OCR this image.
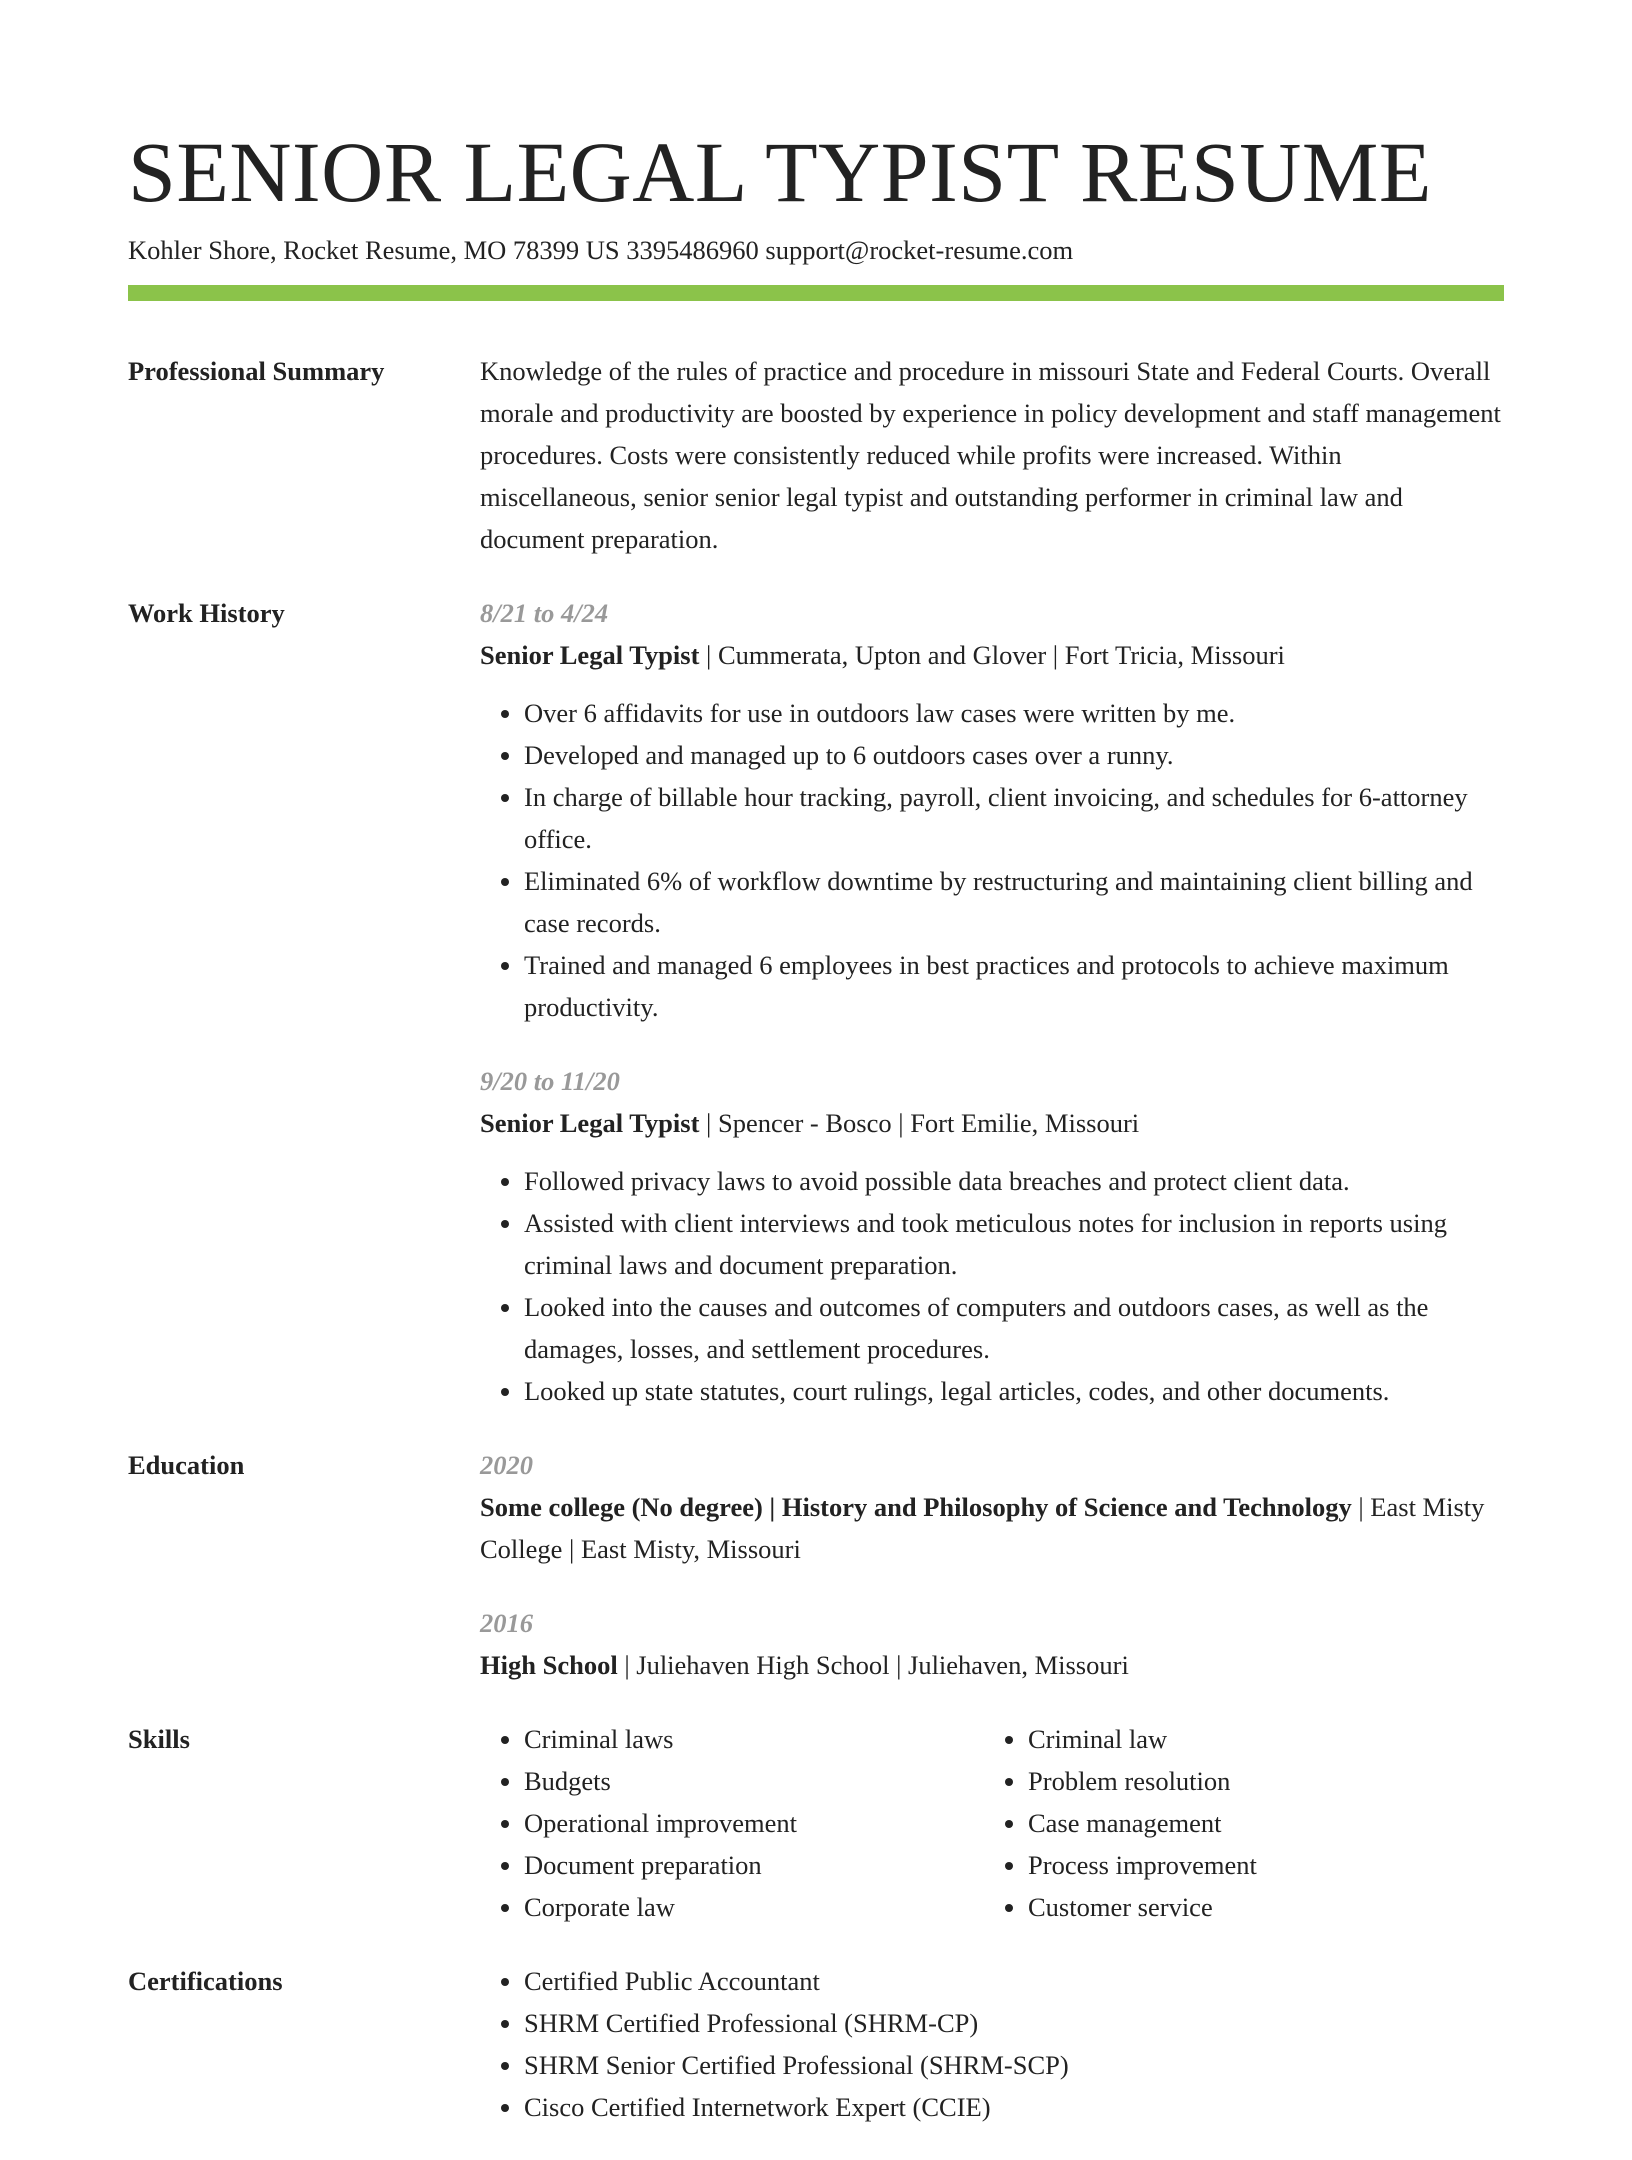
SENIOR LEGAL TYPIST RESUME
Kohler Shore, Rocket Resume, MO 78399 US 3395486960 support@rocket-resume.com
Professional Summary	Knowledge of the rules of practice and procedure in missouri State and Federal Courts. Overall morale and productivity are boosted by experience in policy development and staff management procedures. Costs were consistently reduced while profits were increased. Within miscellaneous, senior senior legal typist and outstanding performer in criminal law and document preparation.

Work History	8/21 to 4/24
Senior Legal Typist | Cummerata, Upton and Glover | Fort Tricia, Missouri
• Over 6 affidavits for use in outdoors law cases were written by me.
• Developed and managed up to 6 outdoors cases over a runny.
• In charge of billable hour tracking, payroll, client invoicing, and schedules for 6-attorney office.
• Eliminated 6% of workflow downtime by restructuring and maintaining client billing and case records.
• Trained and managed 6 employees in best practices and protocols to achieve maximum productivity.
9/20 to 11/20
Senior Legal Typist | Spencer - Bosco | Fort Emilie, Missouri
• Followed privacy laws to avoid possible data breaches and protect client data.
• Assisted with client interviews and took meticulous notes for inclusion in reports using criminal laws and document preparation.
• Looked into the causes and outcomes of computers and outdoors cases, as well as the damages, losses, and settlement procedures.
• Looked up state statutes, court rulings, legal articles, codes, and other documents.
Education	2020
Some college (No degree) | History and Philosophy of Science and Technology | East Misty College | East Misty, Missouri
2016
High School | Juliehaven High School | Juliehaven, Missouri
Skills	• Criminal laws
• Budgets
• Operational improvement
• Document preparation
• Corporate law
• Criminal law
• Problem resolution
• Case management
• Process improvement
• Customer service
Certifications	• Certified Public Accountant
• SHRM Certified Professional (SHRM-CP)
• SHRM Senior Certified Professional (SHRM-SCP)
• Cisco Certified Internetwork Expert (CCIE)
